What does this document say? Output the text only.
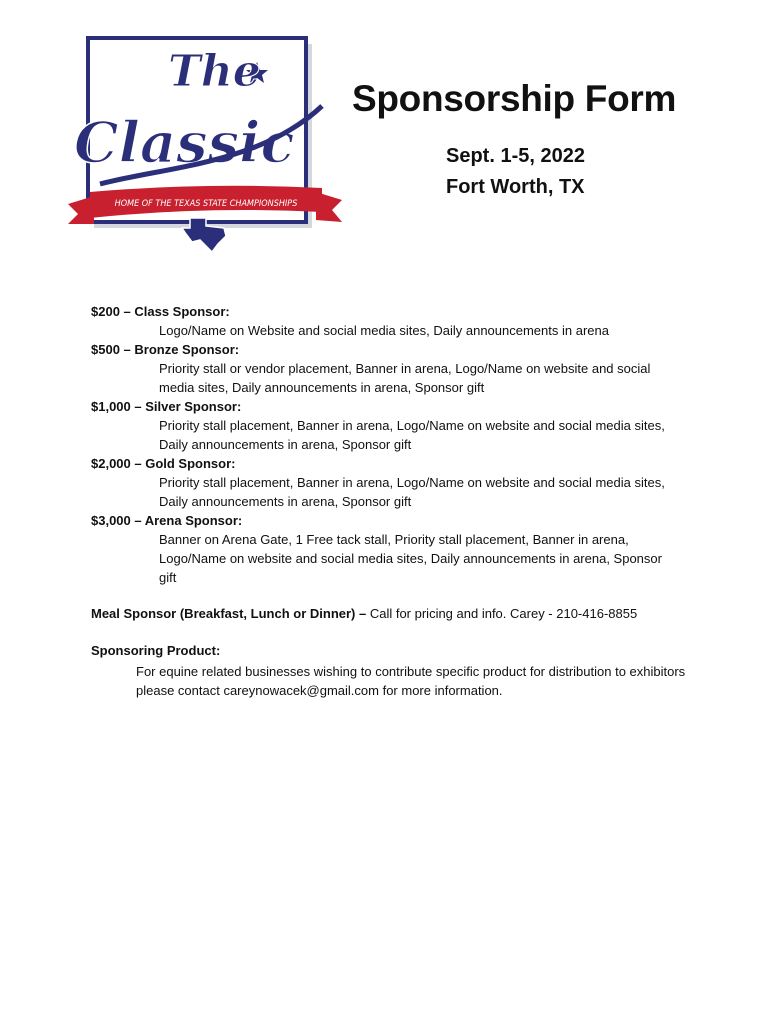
The
Classic
HOME OF THE TEXAS STATE CHAMPIONSHIPS
Sponsorship Form
Sept. 1-5, 2022
Fort Worth, TX
$200 – Class Sponsor:
Logo/Name on Website and social media sites, Daily announcements in arena
$500 – Bronze Sponsor:
Priority stall or vendor placement, Banner in arena, Logo/Name on website and social media sites, Daily announcements in arena, Sponsor gift
$1,000 – Silver Sponsor:
Priority stall placement, Banner in arena, Logo/Name on website and social media sites, Daily announcements in arena, Sponsor gift
$2,000 – Gold Sponsor:
Priority stall placement, Banner in arena, Logo/Name on website and social media sites, Daily announcements in arena, Sponsor gift
$3,000 – Arena Sponsor:
Banner on Arena Gate, 1 Free tack stall, Priority stall placement, Banner in arena, Logo/Name on website and social media sites, Daily announcements in arena, Sponsor gift
Meal Sponsor (Breakfast, Lunch or Dinner) – Call for pricing and info. Carey - 210-416-8855
Sponsoring Product:
For equine related businesses wishing to contribute specific product for distribution to exhibitors please contact careynowacek@gmail.com for more information.
